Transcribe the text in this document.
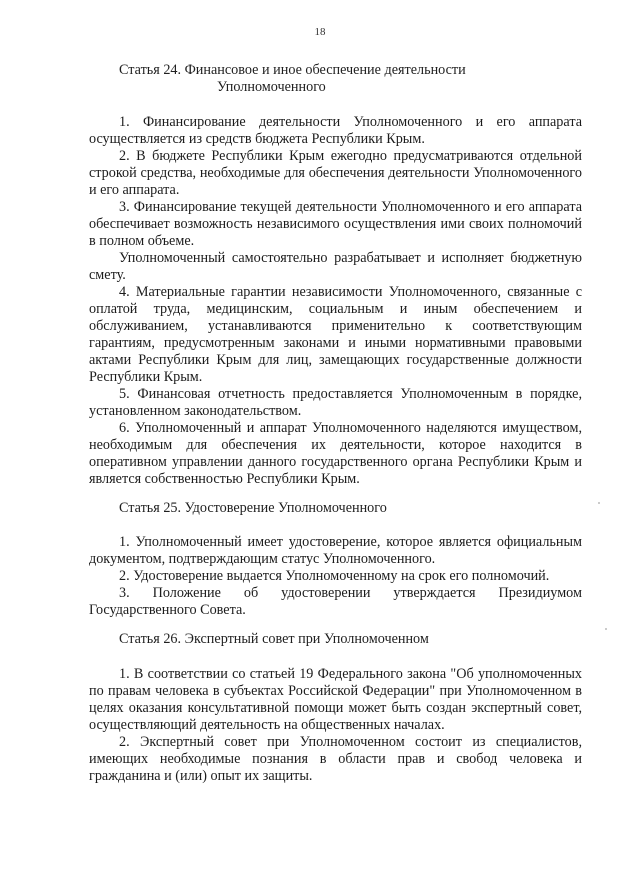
18

Статья 24. Финансовое и иное обеспечение деятельности
Уполномоченного

1. Финансирование деятельности Уполномоченного и его аппарата осуществляется из средств бюджета Республики Крым.

2. В бюджете Республики Крым ежегодно предусматриваются отдельной строкой средства, необходимые для обеспечения деятельности Уполномоченного и его аппарата.

3. Финансирование текущей деятельности Уполномоченного и его аппарата обеспечивает возможность независимого осуществления ими своих полномочий в полном объеме.

Уполномоченный самостоятельно разрабатывает и исполняет бюджетную смету.

4. Материальные гарантии независимости Уполномоченного, связанные с оплатой труда, медицинским, социальным и иным обеспечением и обслуживанием, устанавливаются применительно к соответствующим гарантиям, предусмотренным законами и иными нормативными правовыми актами Республики Крым для лиц, замещающих государственные должности Республики Крым.

5. Финансовая отчетность предоставляется Уполномоченным в порядке, установленном законодательством.

6. Уполномоченный и аппарат Уполномоченного наделяются имуществом, необходимым для обеспечения их деятельности, которое находится в оперативном управлении данного государственного органа Республики Крым и является собственностью Республики Крым.

Статья 25. Удостоверение Уполномоченного

1. Уполномоченный имеет удостоверение, которое является официальным документом, подтверждающим статус Уполномоченного.

2. Удостоверение выдается Уполномоченному на срок его полномочий.

3. Положение об удостоверении утверждается Президиумом Государственного Совета.

Статья 26. Экспертный совет при Уполномоченном

1. В соответствии со статьей 19 Федерального закона "Об уполномоченных по правам человека в субъектах Российской Федерации" при Уполномоченном в целях оказания консультативной помощи может быть создан экспертный совет, осуществляющий деятельность на общественных началах.

2. Экспертный совет при Уполномоченном состоит из специалистов, имеющих необходимые познания в области прав и свобод человека и гражданина и (или) опыт их защиты.
